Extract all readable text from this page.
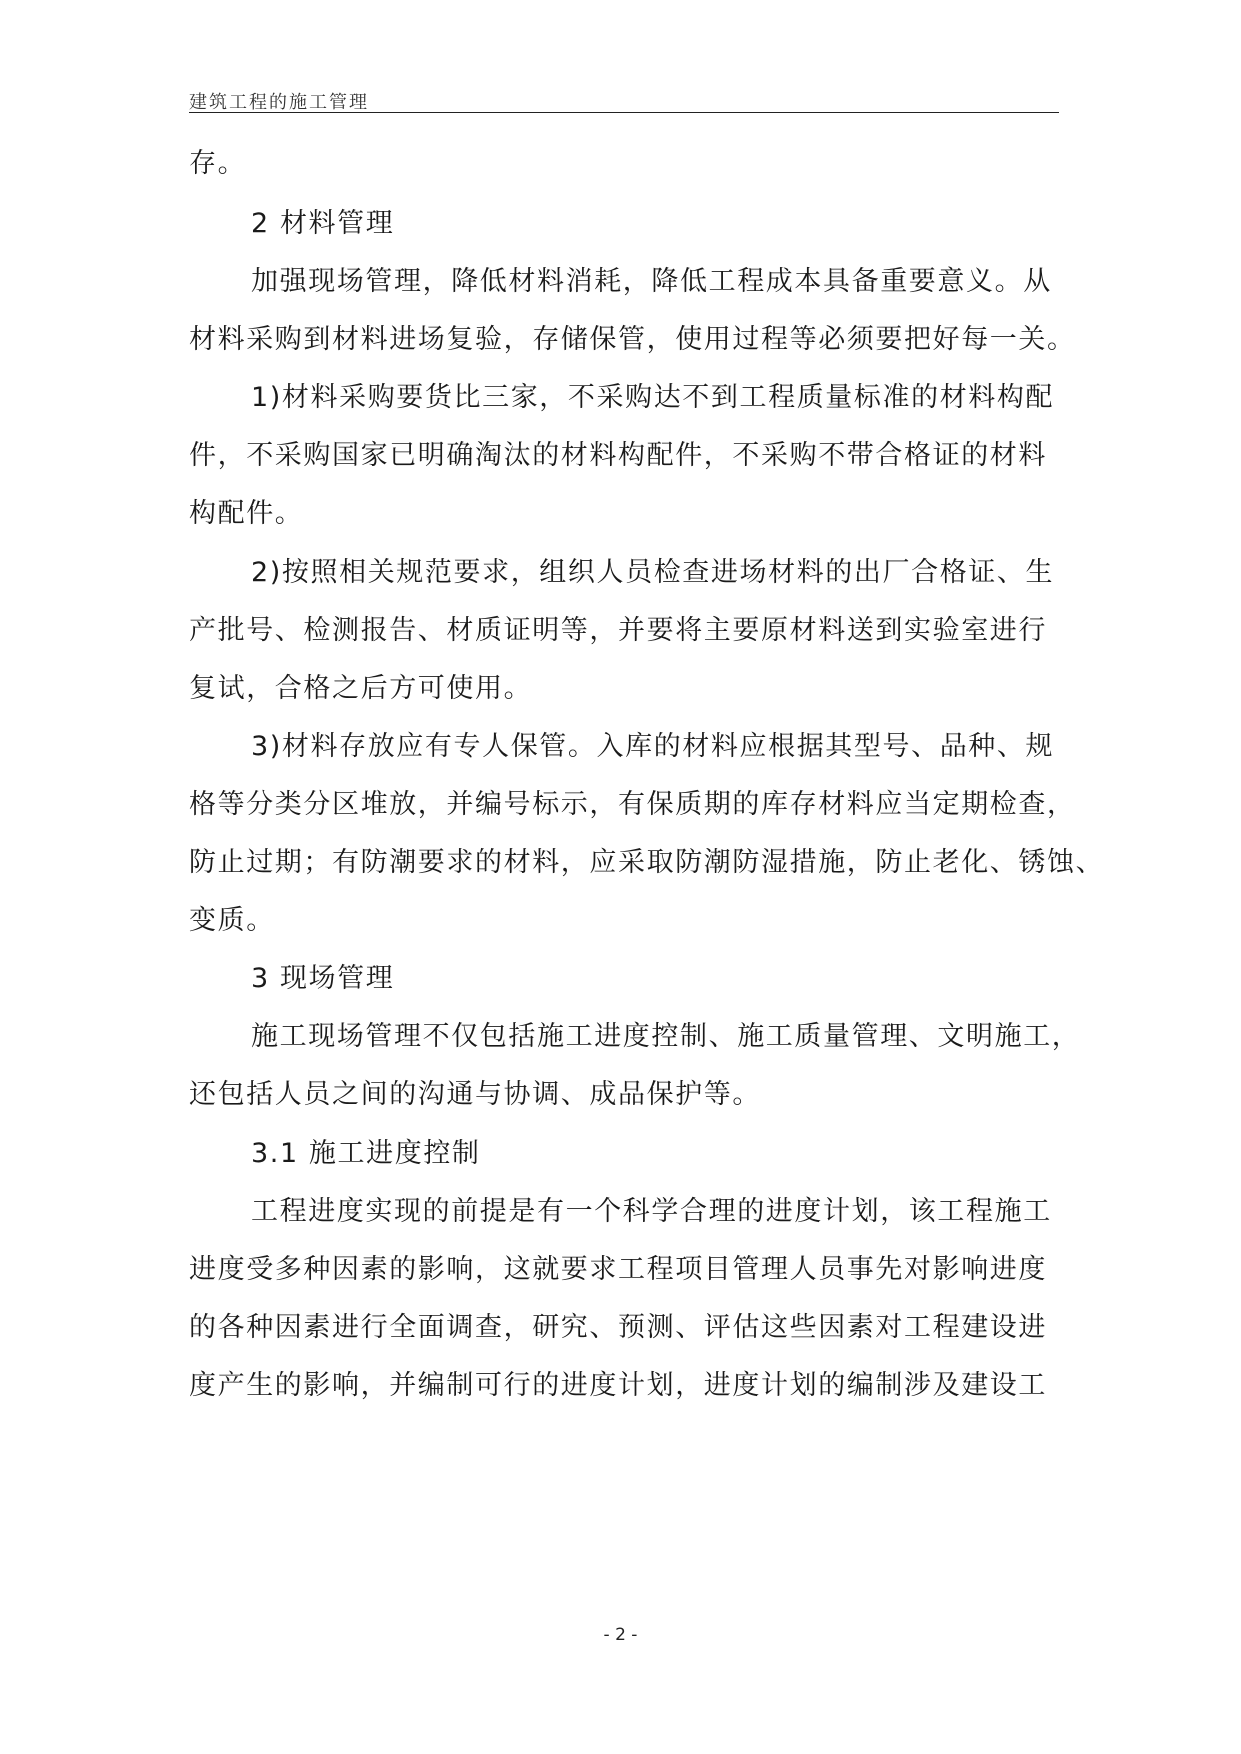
建筑工程的施工管理
存。
2 材料管理
加强现场管理，降低材料消耗，降低工程成本具备重要意义。从
材料采购到材料进场复验，存储保管，使用过程等必须要把好每一关。
1)材料采购要货比三家，不采购达不到工程质量标准的材料构配
件，不采购国家已明确淘汰的材料构配件，不采购不带合格证的材料
构配件。
2)按照相关规范要求，组织人员检查进场材料的出厂合格证、生
产批号、检测报告、材质证明等，并要将主要原材料送到实验室进行
复试，合格之后方可使用。
3)材料存放应有专人保管。入库的材料应根据其型号、品种、规
格等分类分区堆放，并编号标示，有保质期的库存材料应当定期检查，
防止过期；有防潮要求的材料，应采取防潮防湿措施，防止老化、锈蚀、
变质。
3 现场管理
施工现场管理不仅包括施工进度控制、施工质量管理、文明施工，
还包括人员之间的沟通与协调、成品保护等。
3.1 施工进度控制
工程进度实现的前提是有一个科学合理的进度计划，该工程施工
进度受多种因素的影响，这就要求工程项目管理人员事先对影响进度
的各种因素进行全面调查，研究、预测、评估这些因素对工程建设进
度产生的影响，并编制可行的进度计划，进度计划的编制涉及建设工
- 2 -
